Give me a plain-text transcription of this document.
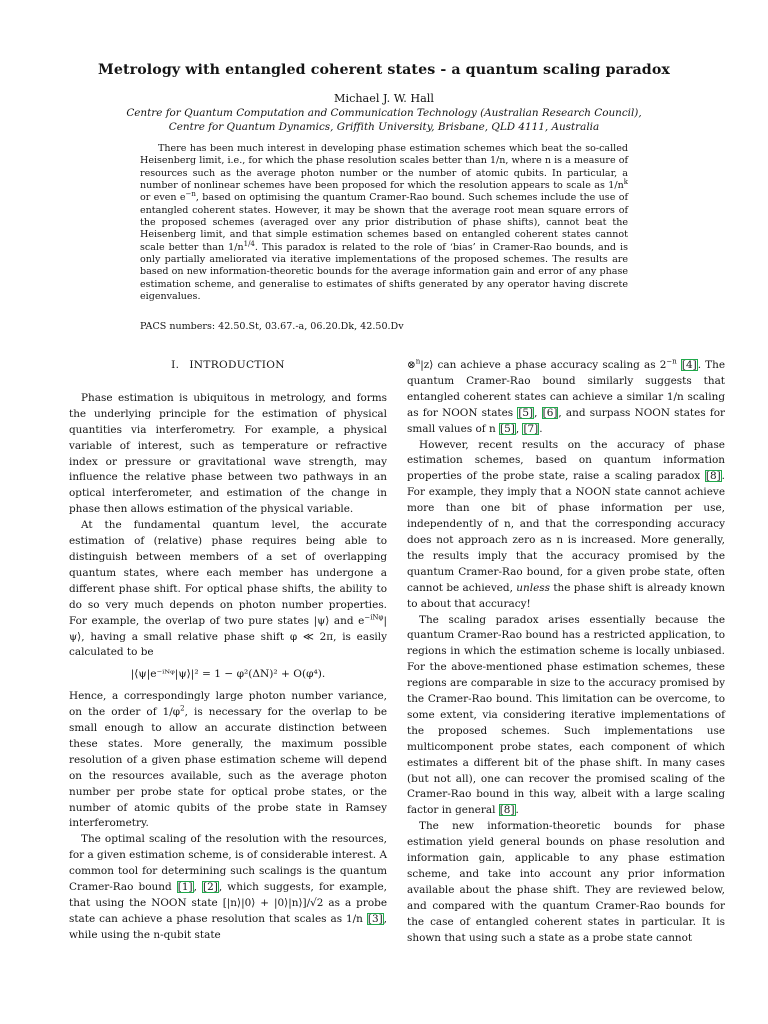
Metrology with entangled coherent states - a quantum scaling paradox
Michael J. W. Hall
Centre for Quantum Computation and Communication Technology (Australian Research Council),
Centre for Quantum Dynamics, Griffith University, Brisbane, QLD 4111, Australia
There has been much interest in developing phase estimation schemes which beat the so-called Heisenberg limit, i.e., for which the phase resolution scales better than 1/n, where n is a measure of resources such as the average photon number or the number of atomic qubits. In particular, a number of nonlinear schemes have been proposed for which the resolution appears to scale as $1/n^k$ or even $e^{-n}$, based on optimising the quantum Cramer-Rao bound. Such schemes include the use of entangled coherent states. However, it may be shown that the average root mean square errors of the proposed schemes (averaged over any prior distribution of phase shifts), cannot beat the Heisenberg limit, and that simple estimation schemes based on entangled coherent states cannot scale better than $1/n^{1/4}$. This paradox is related to the role of ‘bias’ in Cramer-Rao bounds, and is only partially ameliorated via iterative implementations of the proposed schemes. The results are based on new information-theoretic bounds for the average information gain and error of any phase estimation scheme, and generalise to estimates of shifts generated by any operator having discrete eigenvalues.
PACS numbers: 42.50.St, 03.67.-a, 06.20.Dk, 42.50.Dv
I. INTRODUCTION

Phase estimation is ubiquitous in metrology, and forms the underlying principle for the estimation of physical quantities via interferometry. For example, a physical variable of interest, such as temperature or refractive index or pressure or gravitational wave strength, may influence the relative phase between two pathways in an optical interferometer, and estimation of the change in phase then allows estimation of the physical variable.

At the fundamental quantum level, the accurate estimation of (relative) phase requires being able to distinguish between members of a set of overlapping quantum states, where each member has undergone a different phase shift. For optical phase shifts, the ability to do so very much depends on photon number properties. For example, the overlap of two pure states |ψ⟩ and $e^{-iN\varphi}|\psi⟩$, having a small relative phase shift φ ≪ 2π, is easily calculated to be

|⟨ψ|e⁻ⁱᴺᵠ|ψ⟩|² = 1 − φ²(ΔN)² + O(φ⁴).

Hence, a correspondingly large photon number variance, on the order of $1/\varphi^2$, is necessary for the overlap to be small enough to allow an accurate distinction between these states. More generally, the maximum possible resolution of a given phase estimation scheme will depend on the resources available, such as the average photon number per probe state for optical probe states, or the number of atomic qubits of the probe state in Ramsey interferometry.

The optimal scaling of the resolution with the resources, for a given estimation scheme, is of considerable interest. A common tool for determining such scalings is the quantum Cramer-Rao bound [1], [2], which suggests, for example, that using the NOON state [|n⟩|0⟩ + |0⟩|n⟩]/√2 as a probe state can achieve a phase resolution that scales as 1/n [3], while using the n-qubit state

⊗$^n$|z⟩ can achieve a phase accuracy scaling as $2^{-n}$ [4]. The quantum Cramer-Rao bound similarly suggests that entangled coherent states can achieve a similar 1/n scaling as for NOON states [5], [6], and surpass NOON states for small values of n [5], [7].

However, recent results on the accuracy of phase estimation schemes, based on quantum information properties of the probe state, raise a scaling paradox [8]. For example, they imply that a NOON state cannot achieve more than one bit of phase information per use, independently of n, and that the corresponding accuracy does not approach zero as n is increased. More generally, the results imply that the accuracy promised by the quantum Cramer-Rao bound, for a given probe state, often cannot be achieved, unless the phase shift is already known to about that accuracy!

The scaling paradox arises essentially because the quantum Cramer-Rao bound has a restricted application, to regions in which the estimation scheme is locally unbiased. For the above-mentioned phase estimation schemes, these regions are comparable in size to the accuracy promised by the Cramer-Rao bound. This limitation can be overcome, to some extent, via considering iterative implementations of the proposed schemes. Such implementations use multicomponent probe states, each component of which estimates a different bit of the phase shift. In many cases (but not all), one can recover the promised scaling of the Cramer-Rao bound in this way, albeit with a large scaling factor in general [8].

The new information-theoretic bounds for phase estimation yield general bounds on phase resolution and information gain, applicable to any phase estimation scheme, and take into account any prior information available about the phase shift. They are reviewed below, and compared with the quantum Cramer-Rao bounds for the case of entangled coherent states in particular. It is shown that using such a state as a probe state cannot
